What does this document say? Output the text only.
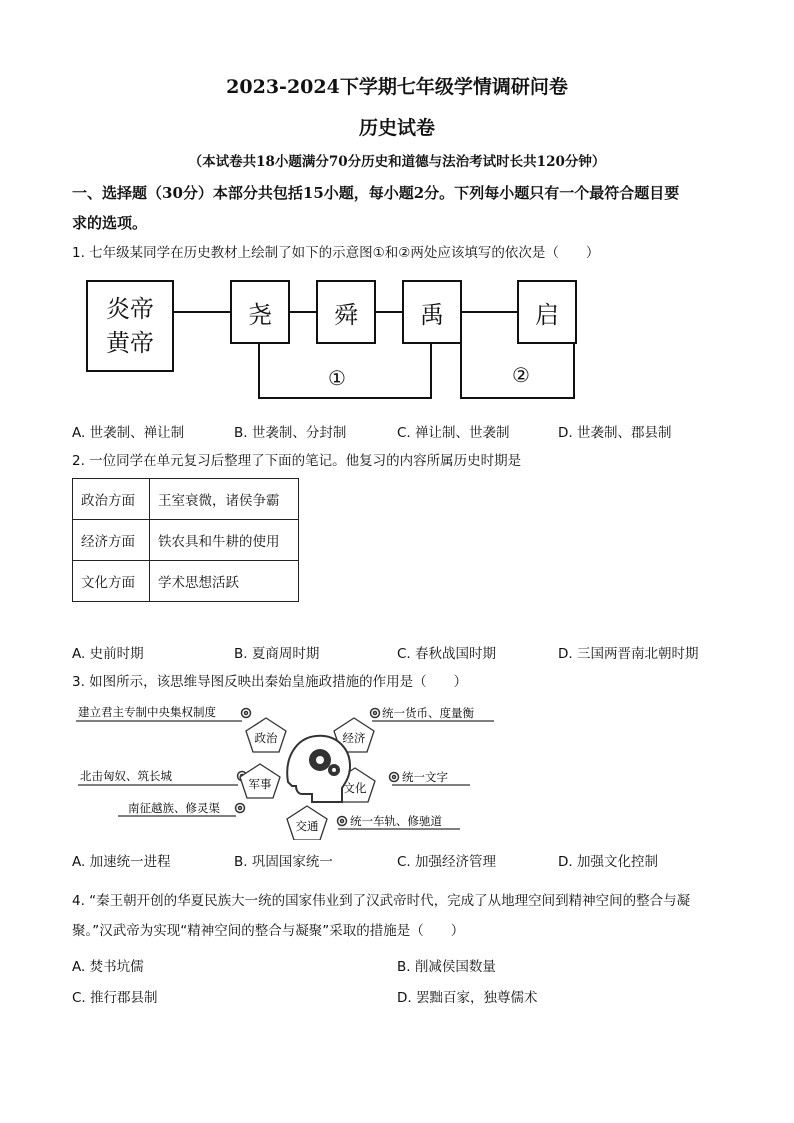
2023-2024下学期七年级学情调研问卷
历史试卷
（本试卷共18小题满分70分历史和道德与法治考试时长共120分钟）
一、选择题（30分）本部分共包括15小题，每小题2分。下列每小题只有一个最符合题目要
求的选项。
1. 七年级某同学在历史教材上绘制了如下的示意图①和②两处应该填写的依次是（　　）
炎帝
黄帝
尧	舜	禹	启
①	②
A. 世袭制、禅让制	B. 世袭制、分封制	C. 禅让制、世袭制	D. 世袭制、郡县制
2. 一位同学在单元复习后整理了下面的笔记。他复习的内容所属历史时期是
政治方面	王室衰微，诸侯争霸
经济方面	铁农具和牛耕的使用
文化方面	学术思想活跃
A. 史前时期	B. 夏商周时期	C. 春秋战国时期	D. 三国两晋南北朝时期
3. 如图所示，该思维导图反映出秦始皇施政措施的作用是（　　）
政治	经济
军事	文化
交通
建立君主专制中央集权制度	统一货币、度量衡
北击匈奴、筑长城
南征越族、修灵渠
统一文字
统一车轨、修驰道
A. 加速统一进程	B. 巩固国家统一	C. 加强经济管理	D. 加强文化控制
4. “秦王朝开创的华夏民族大一统的国家伟业到了汉武帝时代，完成了从地理空间到精神空间的整合与凝
聚。”汉武帝为实现“精神空间的整合与凝聚”采取的措施是（　　）
A. 焚书坑儒	B. 削减侯国数量
C. 推行郡县制	D. 罢黜百家，独尊儒术
